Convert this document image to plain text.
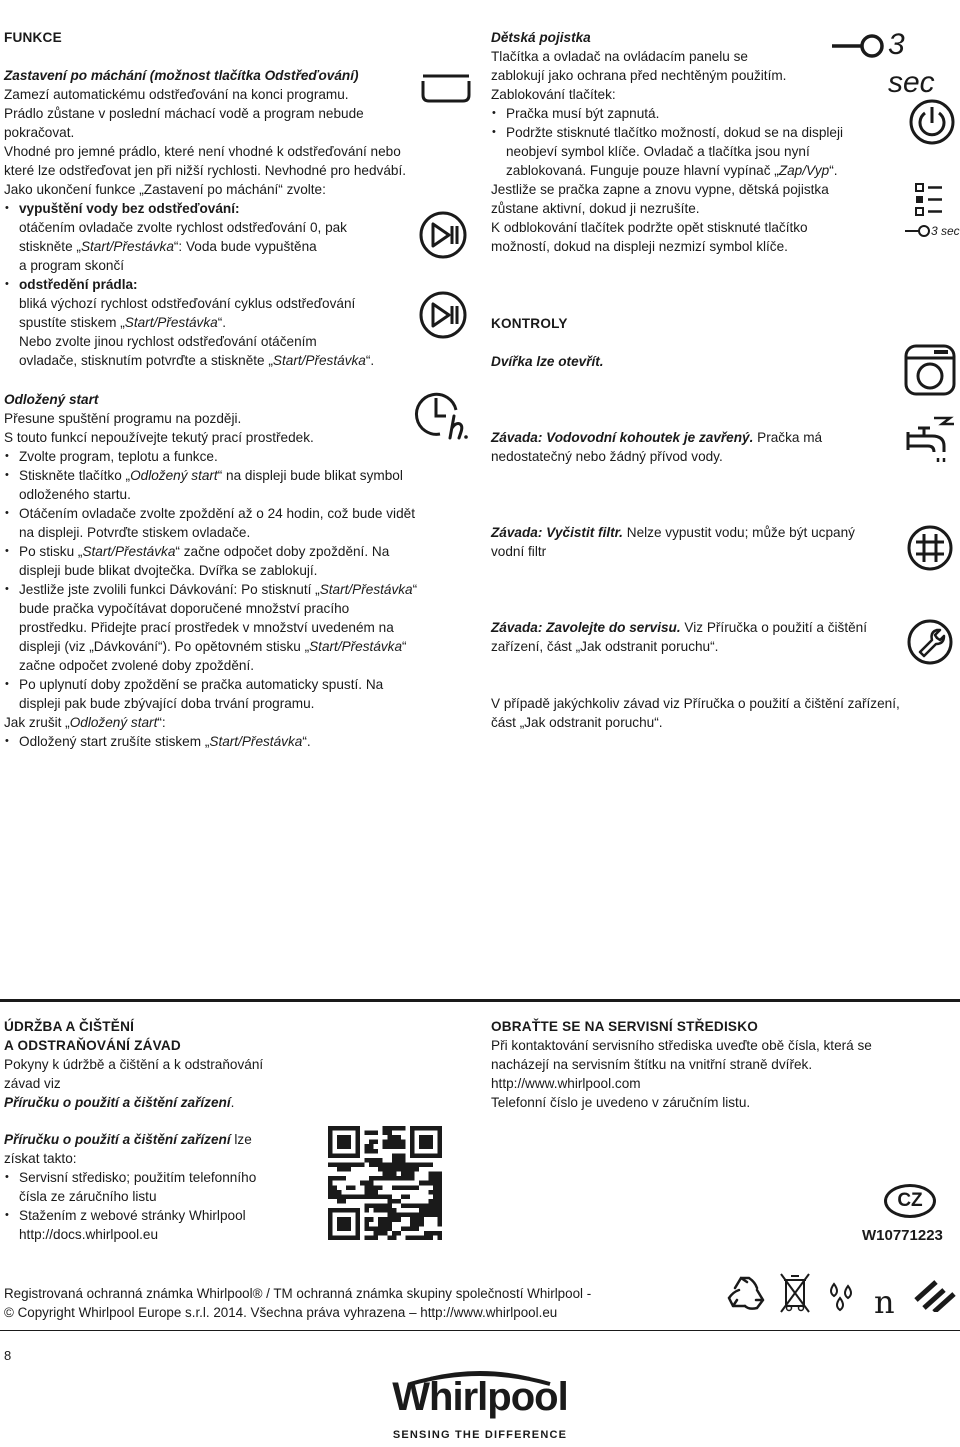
FUNKCE

Zastavení po máchání (možnost tlačítka Odstřeďování)

Zamezí automatickému odstřeďování na konci programu.

Prádlo zůstane v poslední máchací vodě a program nebude

pokračovat.

Vhodné pro jemné prádlo, které není vhodné k odstřeďování nebo

které lze odstřeďovat jen při nižší rychlosti. Nevhodné pro hedvábí.

Jako ukončení funkce „Zastavení po máchání“ zvolte:

• vypuštění vody bez odstřeďování:

otáčením ovladače zvolte rychlost odstřeďování 0, pak

stiskněte „Start/Přestávka“: Voda bude vypuštěna

a program skončí

• odstředění prádla:

bliká výchozí rychlost odstřeďování cyklus odstřeďování

spustíte stiskem „Start/Přestávka“.

Nebo zvolte jinou rychlost odstřeďování otáčením

ovladače, stisknutím potvrďte a stiskněte „Start/Přestávka“.

Odložený start

Přesune spuštění programu na později.

S touto funkcí nepoužívejte tekutý prací prostředek.

• Zvolte program, teplotu a funkce.
• Stiskněte tlačítko „Odložený start“ na displeji bude blikat symbol
odloženého startu.
• Otáčením ovladače zvolte zpoždění až o 24 hodin, což bude vidět
na displeji. Potvrďte stiskem ovladače.
• Po stisku „Start/Přestávka“ začne odpočet doby zpoždění. Na
displeji bude blikat dvojtečka. Dvířka se zablokují.
• Jestliže jste zvolili funkci Dávkování: Po stisknutí „Start/Přestávka“
bude pračka vypočítávat doporučené množství pracího
prostředku. Přidejte prací prostředek v množství uvedeném na
displeji (viz „Dávkování“). Po opětovném stisku „Start/Přestávka“
začne odpočet zvolené doby zpoždění.
• Po uplynutí doby zpoždění se pračka automaticky spustí. Na
displeji pak bude zbývající doba trvání programu.

Jak zrušit „Odložený start“:

• Odložený start zrušíte stiskem „Start/Přestávka“.

Dětská pojistka

Tlačítka a ovladač na ovládacím panelu se

zablokují jako ochrana před nechtěným použitím.

Zablokování tlačítek:

• Pračka musí být zapnutá.
• Podržte stisknuté tlačítko možností, dokud se na displeji
neobjeví symbol klíče. Ovladač a tlačítka jsou nyní
zablokovaná. Funguje pouze hlavní vypínač „Zap/Vyp“.

Jestliže se pračka zapne a znovu vypne, dětská pojistka

zůstane aktivní, dokud ji nezrušíte.

K odblokování tlačítek podržte opět stisknuté tlačítko

možností, dokud na displeji nezmizí symbol klíče.

3 sec
3 sec
KONTROLY
Dvířka lze otevřít.

Závada: Vodovodní kohoutek je zavřený. Pračka má

nedostatečný nebo žádný přívod vody.

Závada: Vyčistit filtr. Nelze vypustit vodu; může být ucpaný

vodní filtr

Závada: Zavolejte do servisu. Viz Příručka o použití a čištění

zařízení, část „Jak odstranit poruchu“.

V případě jakýchkoliv závad viz Příručka o použití a čištění zařízení,

část „Jak odstranit poruchu“.

ÚDRŽBA A ČIŠTĚNÍ

A ODSTRAŇOVÁNÍ ZÁVAD

Pokyny k údržbě a čištění a k odstraňování

závad viz

Příručku o použití a čištění zařízení.

Příručku o použití a čištění zařízení lze

získat takto:

• Servisní středisko; použitím telefonního
čísla ze záručního listu
• Stažením z webové stránky Whirlpool
http://docs.whirlpool.eu

OBRAŤTE SE NA SERVISNÍ STŘEDISKO

Při kontaktování servisního střediska uveďte obě čísla, která se

nacházejí na servisním štítku na vnitřní straně dvířek.

http://www.whirlpool.com

Telefonní číslo je uvedeno v záručním listu.

CZ
W10771223

Registrovaná ochranná známka Whirlpool® / TM ochranná známka skupiny společností Whirlpool -

© Copyright Whirlpool Europe s.r.l. 2014. Všechna práva vyhrazena – http://www.whirlpool.eu	n
8
Whirlpool
SENSING THE DIFFERENCE
